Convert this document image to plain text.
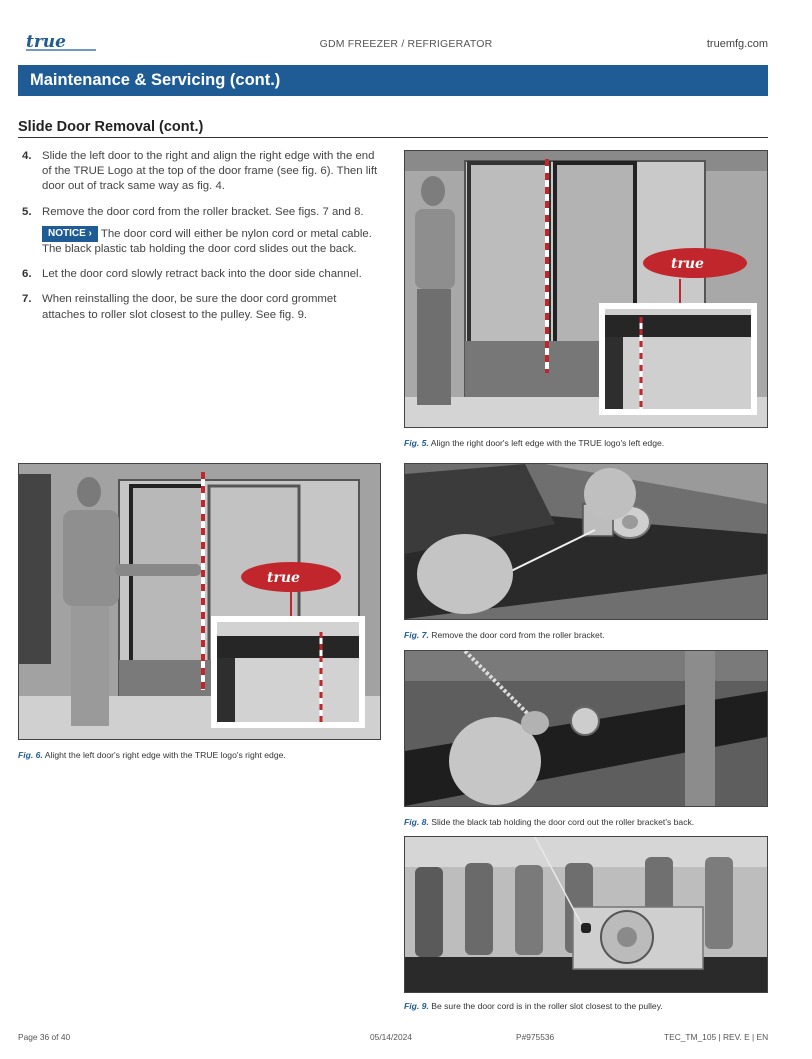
true	GDM FREEZER / REFRIGERATOR	truemfg.com
Maintenance & Servicing (cont.)
Slide Door Removal (cont.)
4. Slide the left door to the right and align the right edge with the end of the TRUE Logo at the top of the door frame (see fig. 6). Then lift door out of track same way as fig. 4.
5. Remove the door cord from the roller bracket. See figs. 7 and 8.
NOTICE › The door cord will either be nylon cord or metal cable. The black plastic tab holding the door cord slides out the back.
6. Let the door cord slowly retract back into the door side channel.
7. When reinstalling the door, be sure the door cord grommet attaches to roller slot closest to the pulley. See fig. 9.
true
Fig. 5. Align the right door's left edge with the TRUE logo's left edge.
true
Fig. 6. Alight the left door's right edge with the TRUE logo's right edge.
Fig. 7. Remove the door cord from the roller bracket.
Fig. 8. Slide the black tab holding the door cord out the roller bracket's back.
Fig. 9. Be sure the door cord is in the roller slot closest to the pulley.
Page 36 of 40	05/14/2024	P#975536	TEC_TM_105 | REV. E | EN
